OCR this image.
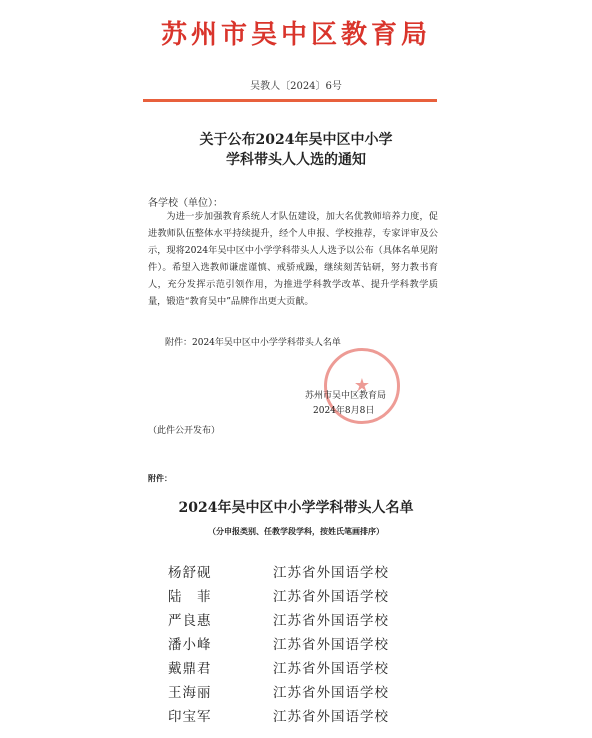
苏州市吴中区教育局
吴教人〔2024〕6号
关于公布2024年吴中区中小学
学科带头人人选的通知
各学校（单位）：
为进一步加强教育系统人才队伍建设，加大名优教师培养力度，促进教师队伍整体水平持续提升，经个人申报、学校推荐，专家评审及公示，现将2024年吴中区中小学学科带头人人选予以公布（具体名单见附件）。希望入选教师谦虚谨慎、戒骄戒躁，继续刻苦钻研，努力教书育人，充分发挥示范引领作用，为推进学科教学改革、提升学科教学质量，锻造“教育吴中”品牌作出更大贡献。
附件：2024年吴中区中小学学科带头人名单
★
苏州市吴中区教育局
2024年8月8日
（此件公开发布）
附件：
2024年吴中区中小学学科带头人名单
（分申报类别、任教学段学科，按姓氏笔画排序）
杨舒砚	江苏省外国语学校
陆　菲	江苏省外国语学校
严良惠	江苏省外国语学校
潘小峰	江苏省外国语学校
戴鼎君	江苏省外国语学校
王海丽	江苏省外国语学校
印宝军	江苏省外国语学校
